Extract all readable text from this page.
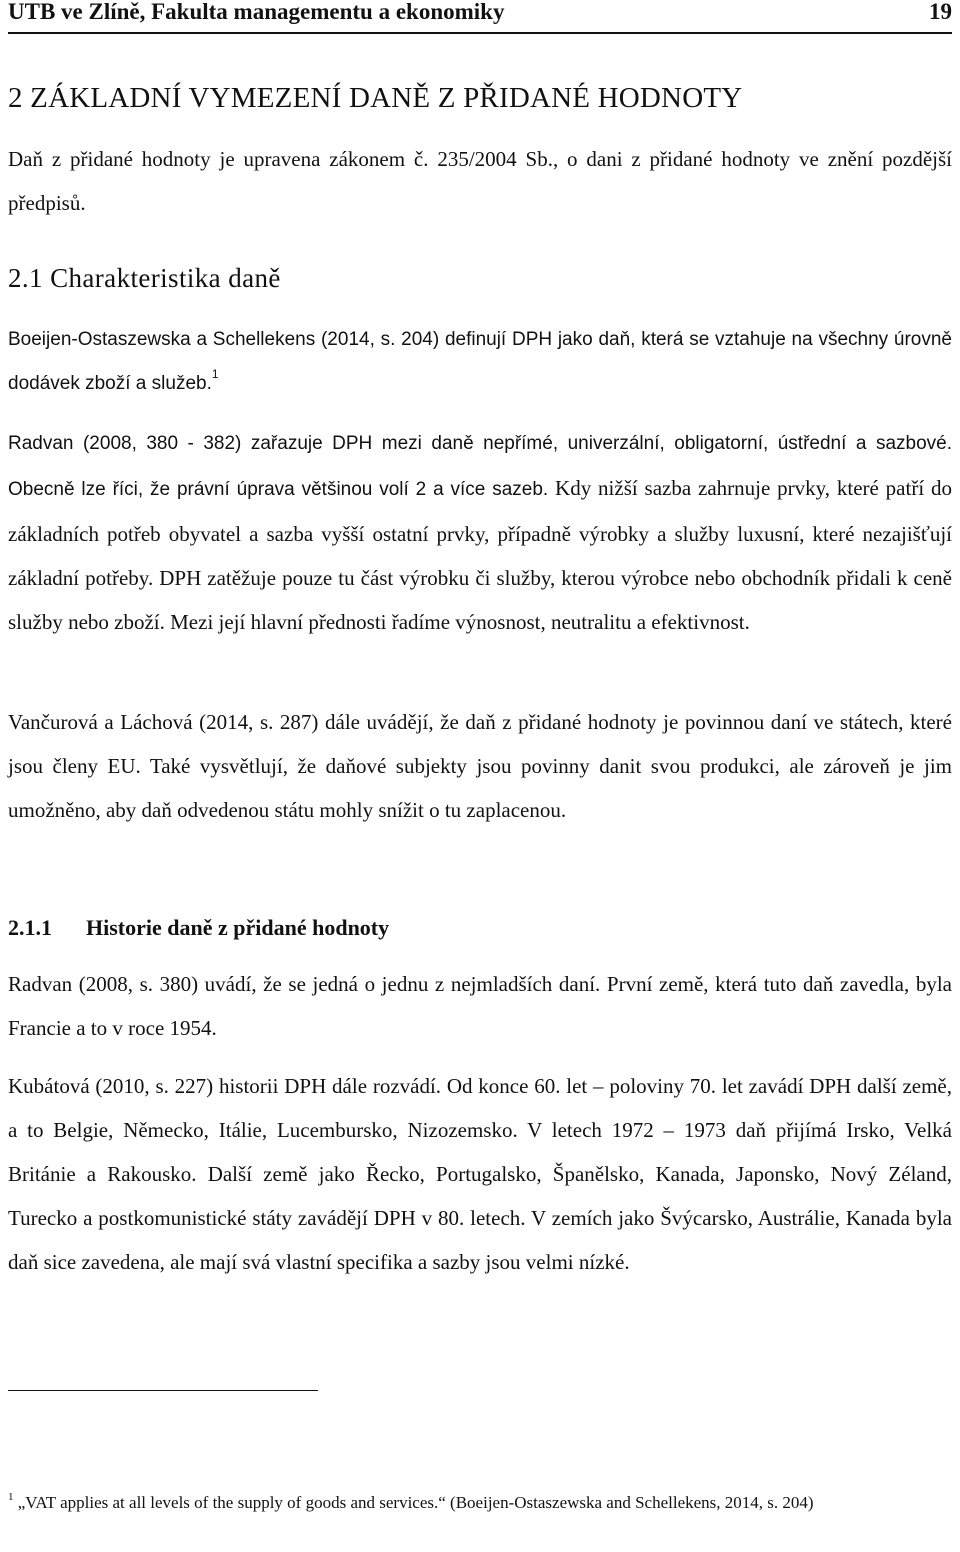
UTB ve Zlíně, Fakulta managementu a ekonomiky	19
2 ZÁKLADNÍ VYMEZENÍ DANĚ Z PŘIDANÉ HODNOTY

Daň z přidané hodnoty je upravena zákonem č. 235/2004 Sb., o dani z přidané hodnoty ve znění pozdější předpisů.

2.1 Charakteristika daně

Boeijen-Ostaszewska a Schellekens (2014, s. 204) definují DPH jako daň, která se vztahuje na všechny úrovně dodávek zboží a služeb.$^1$

Radvan (2008, 380 - 382) zařazuje DPH mezi daně nepřímé, univerzální, obligatorní, ústřední a sazbové. Obecně lze říci, že právní úprava většinou volí 2 a více sazeb. Kdy nižší sazba zahrnuje prvky, které patří do základních potřeb obyvatel a sazba vyšší ostatní prvky, případně výrobky a služby luxusní, které nezajišťují základní potřeby. DPH zatěžuje pouze tu část výrobku či služby, kterou výrobce nebo obchodník přidali k ceně služby nebo zboží. Mezi její hlavní přednosti řadíme výnosnost, neutralitu a efektivnost.

Vančurová a Láchová (2014, s. 287) dále uvádějí, že daň z přidané hodnoty je povinnou daní ve státech, které jsou členy EU. Také vysvětlují, že daňové subjekty jsou povinny danit svou produkci, ale zároveň je jim umožněno, aby daň odvedenou státu mohly snížit o tu zaplacenou.

2.1.1 Historie daně z přidané hodnoty

Radvan (2008, s. 380) uvádí, že se jedná o jednu z nejmladších daní. První země, která tuto daň zavedla, byla Francie a to v roce 1954.

Kubátová (2010, s. 227) historii DPH dále rozvádí. Od konce 60. let – poloviny 70. let zavádí DPH další země, a to Belgie, Německo, Itálie, Lucembursko, Nizozemsko. V letech 1972 – 1973 daň přijímá Irsko, Velká Británie a Rakousko. Další země jako Řecko, Portugalsko, Španělsko, Kanada, Japonsko, Nový Zéland, Turecko a postkomunistické státy zavádějí DPH v 80. letech. V zemích jako Švýcarsko, Austrálie, Kanada byla daň sice zavedena, ale mají svá vlastní specifika a sazby jsou velmi nízké.

$^1$ „VAT applies at all levels of the supply of goods and services.“ (Boeijen-Ostaszewska and Schellekens, 2014, s. 204)
